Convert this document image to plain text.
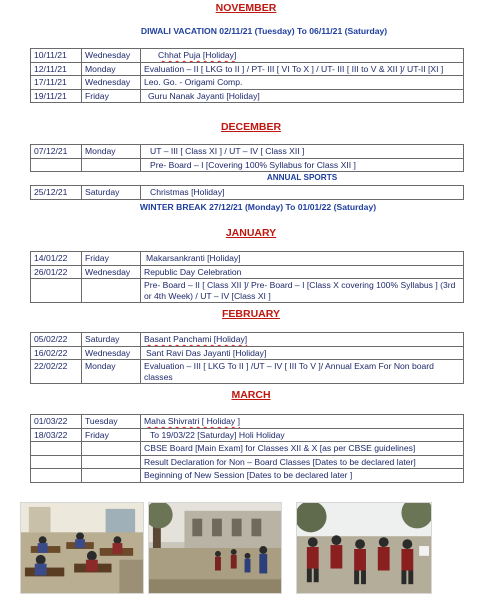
NOVEMBER
DIWALI VACATION 02/11/21 (Tuesday) To 06/11/21 (Saturday)
10/11/21	Wednesday	Chhat Puja [Holiday]
12/11/21	Monday	Evaluation – II [ LKG to II ] / PT- III [ VI To X ] / UT- III [ III to V & XII ]/ UT-II [XI ]
17/11/21	Wednesday	Leo. Go. - Origami Comp.
19/11/21	Friday	Guru Nanak Jayanti [Holiday]
DECEMBER
07/12/21	Monday	UT – III [ Class XI ] / UT – IV [ Class XII ]
		Pre- Board – I [Covering 100% Syllabus for Class XII ]
ANNUAL SPORTS
25/12/21	Saturday	Christmas [Holiday]
WINTER BREAK 27/12/21 (Monday) To 01/01/22 (Saturday)
JANUARY
14/01/22	Friday	Makarsankranti [Holiday]
26/01/22	Wednesday	Republic Day Celebration
		Pre- Board – II [ Class XII ]/ Pre- Board – I [Class X covering 100% Syllabus ] (3rd or 4th Week) / UT – IV [Class XI ]
FEBRUARY
05/02/22	Saturday	Basant Panchami [Holiday]
16/02/22	Wednesday	Sant Ravi Das Jayanti [Holiday]
22/02/22	Monday	Evaluation – III [ LKG To II ] /UT – IV [ III To V ]/ Annual Exam For Non board classes
MARCH
01/03/22	Tuesday	Maha Shivratri [ Holiday ]
18/03/22	Friday	To 19/03/22 [Saturday] Holi Holiday
		CBSE Board [Main Exam] for Classes XII & X [as per CBSE guidelines]
		Result Declaration for Non – Board Classes [Dates to be declared later]
		Beginning of New Session [Dates to be declared later ]
